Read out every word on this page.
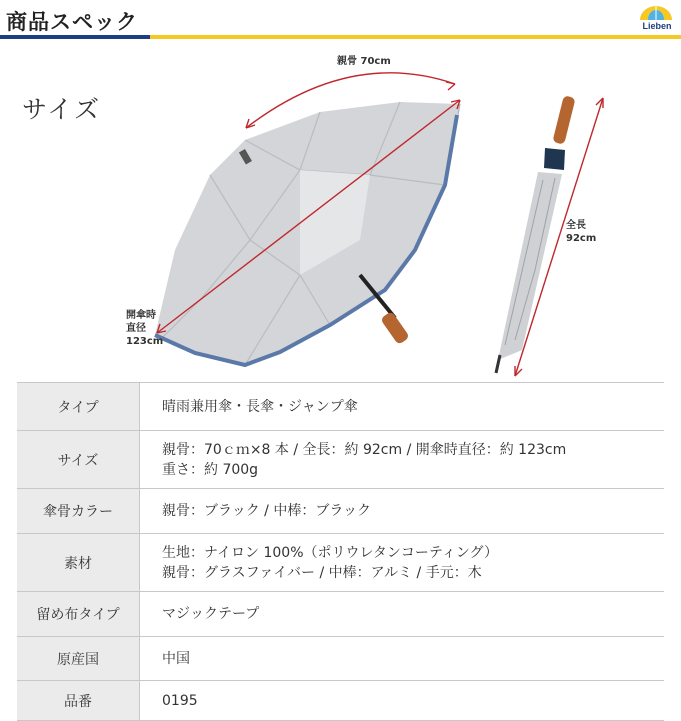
商品スペック	Lieben
サイズ
親骨 70cm
開傘時
直径
123cm
全長
92cm
タイプ	晴雨兼用傘・長傘・ジャンプ傘

サイズ	親骨：70ｃｍ×8 本 / 全長：約 92cm / 開傘時直径：約 123cm
重さ：約 700g

傘骨カラー	親骨：ブラック / 中棒：ブラック

素材	生地：ナイロン 100%（ポリウレタンコーティング）
親骨：グラスファイバー / 中棒：アルミ / 手元：木

留め布タイプ	マジックテープ

原産国	中国

品番	0195
